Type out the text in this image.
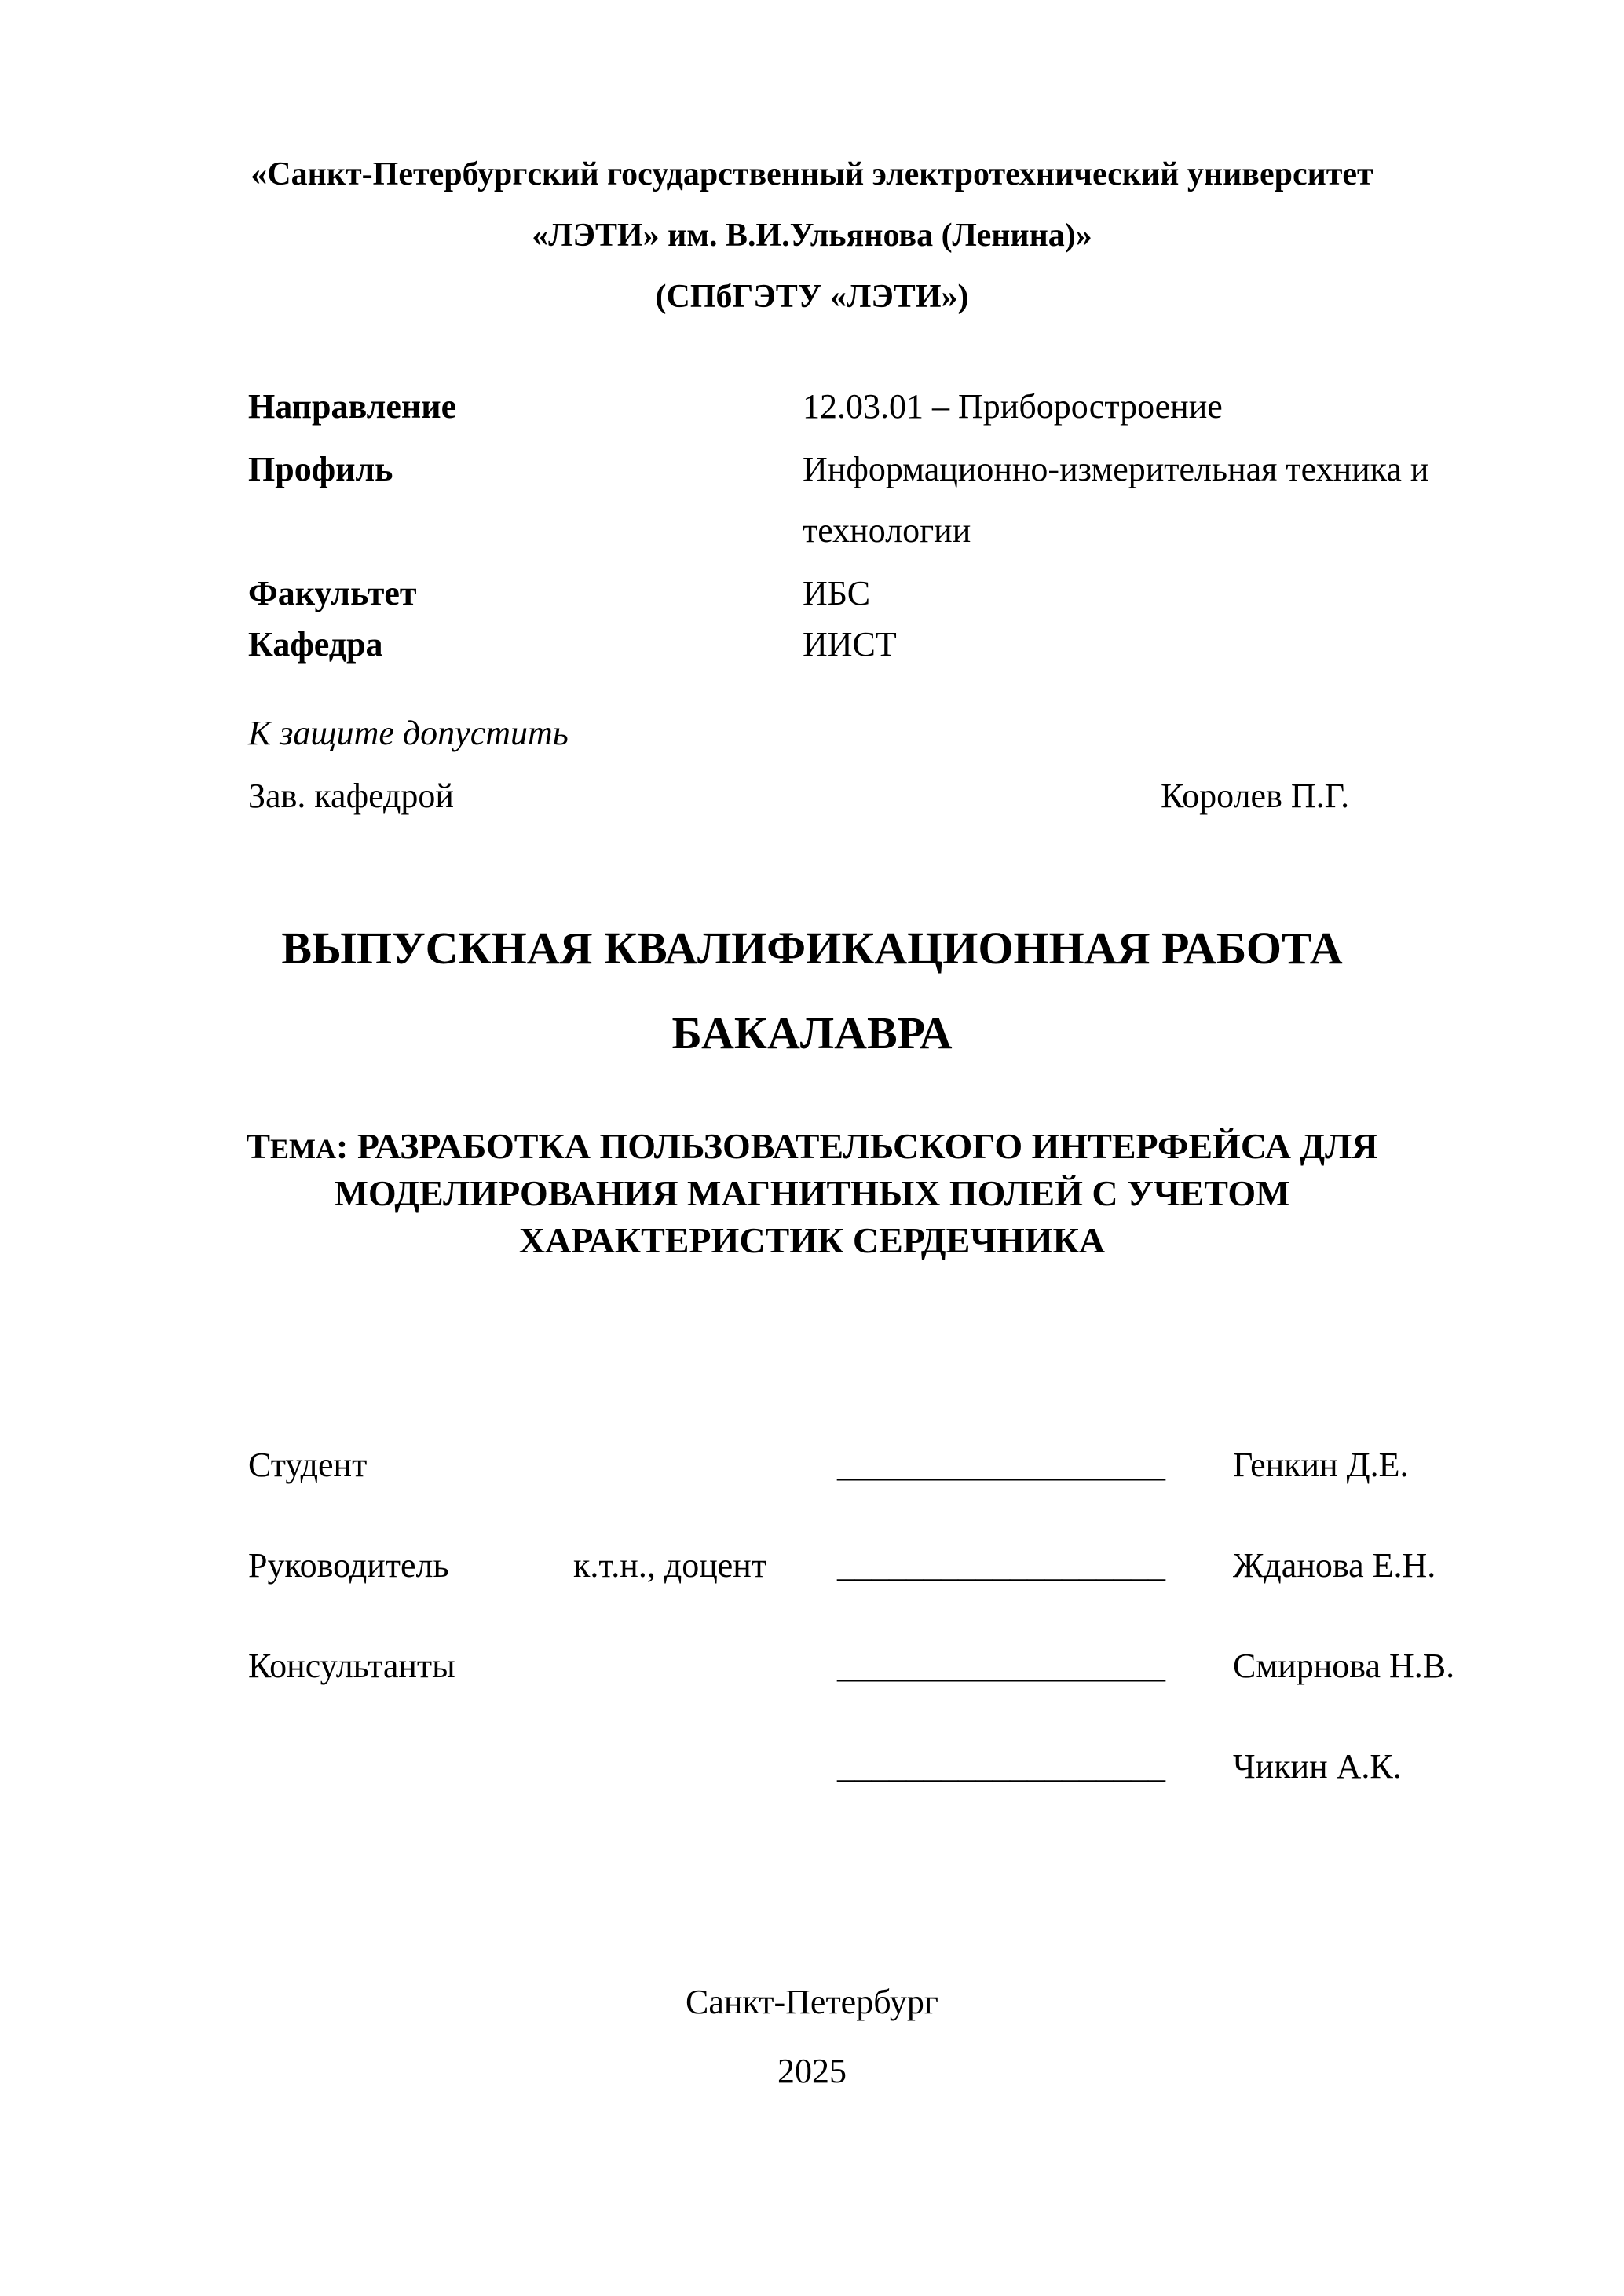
«Санкт-Петербургский государственный электротехнический университет
«ЛЭТИ» им. В.И.Ульянова (Ленина)»
(СПбГЭТУ «ЛЭТИ»)
Направление	12.03.01 – Приборостроение
Профиль	Информационно-измерительная техника и
технологии
Факультет	ИБС
Кафедра	ИИСТ
К защите допустить
Зав. кафедрой	Королев П.Г.
ВЫПУСКНАЯ КВАЛИФИКАЦИОННАЯ РАБОТА
БАКАЛАВРА
ТЕМА: РАЗРАБОТКА ПОЛЬЗОВАТЕЛЬСКОГО ИНТЕРФЕЙСА ДЛЯ
МОДЕЛИРОВАНИЯ МАГНИТНЫХ ПОЛЕЙ С УЧЕТОМ
ХАРАКТЕРИСТИК СЕРДЕЧНИКА
Студент	___________________ Генкин Д.Е.
Руководитель	к.т.н., доцент ___________________ Жданова Е.Н.
Консультанты	___________________ Смирнова Н.В.
___________________ Чикин А.К.
Санкт-Петербург
2025
